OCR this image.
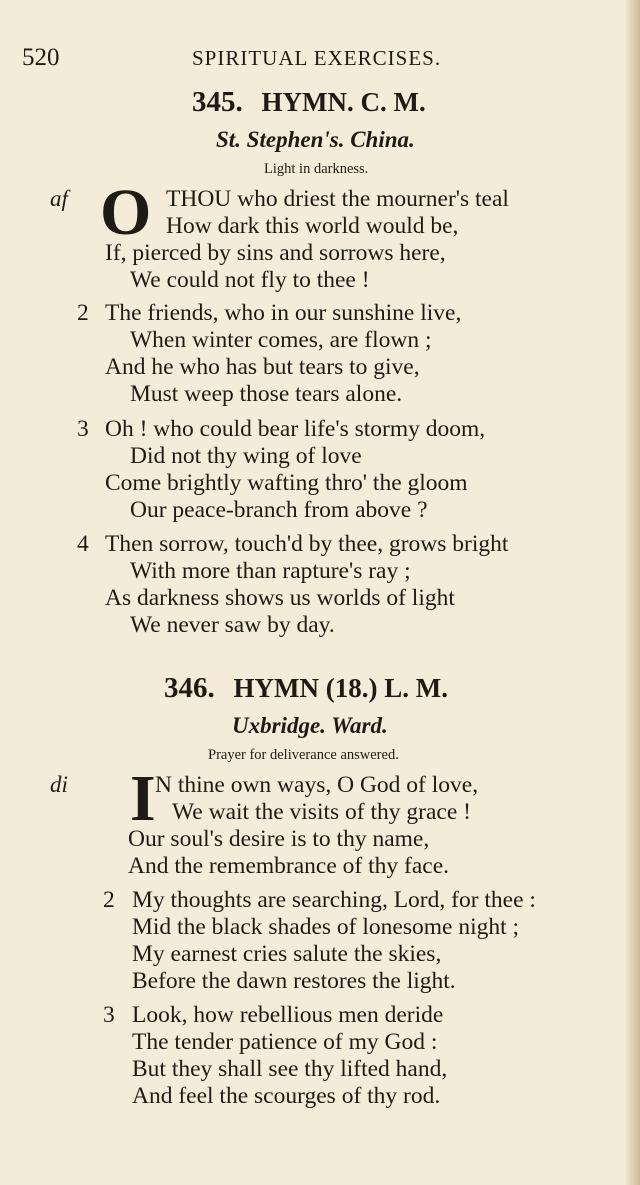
520	SPIRITUAL EXERCISES.
345. HYMN. C. M.
St. Stephen's. China.
Light in darkness.
af O THOU who driest the mourner's teal
How dark this world would be,
If, pierced by sins and sorrows here,
We could not fly to thee !
2 The friends, who in our sunshine live,
When winter comes, are flown ;
And he who has but tears to give,
Must weep those tears alone.
3 Oh ! who could bear life's stormy doom,
Did not thy wing of love
Come brightly wafting thro' the gloom
Our peace-branch from above ?
4 Then sorrow, touch'd by thee, grows bright
With more than rapture's ray ;
As darkness shows us worlds of light
We never saw by day.
346. HYMN (18.) L. M.
Uxbridge. Ward.
Prayer for deliverance answered.
di I N thine own ways, O God of love,
We wait the visits of thy grace !
Our soul's desire is to thy name,
And the remembrance of thy face.
2 My thoughts are searching, Lord, for thee :
Mid the black shades of lonesome night ;
My earnest cries salute the skies,
Before the dawn restores the light.
3 Look, how rebellious men deride
The tender patience of my God :
But they shall see thy lifted hand,
And feel the scourges of thy rod.
